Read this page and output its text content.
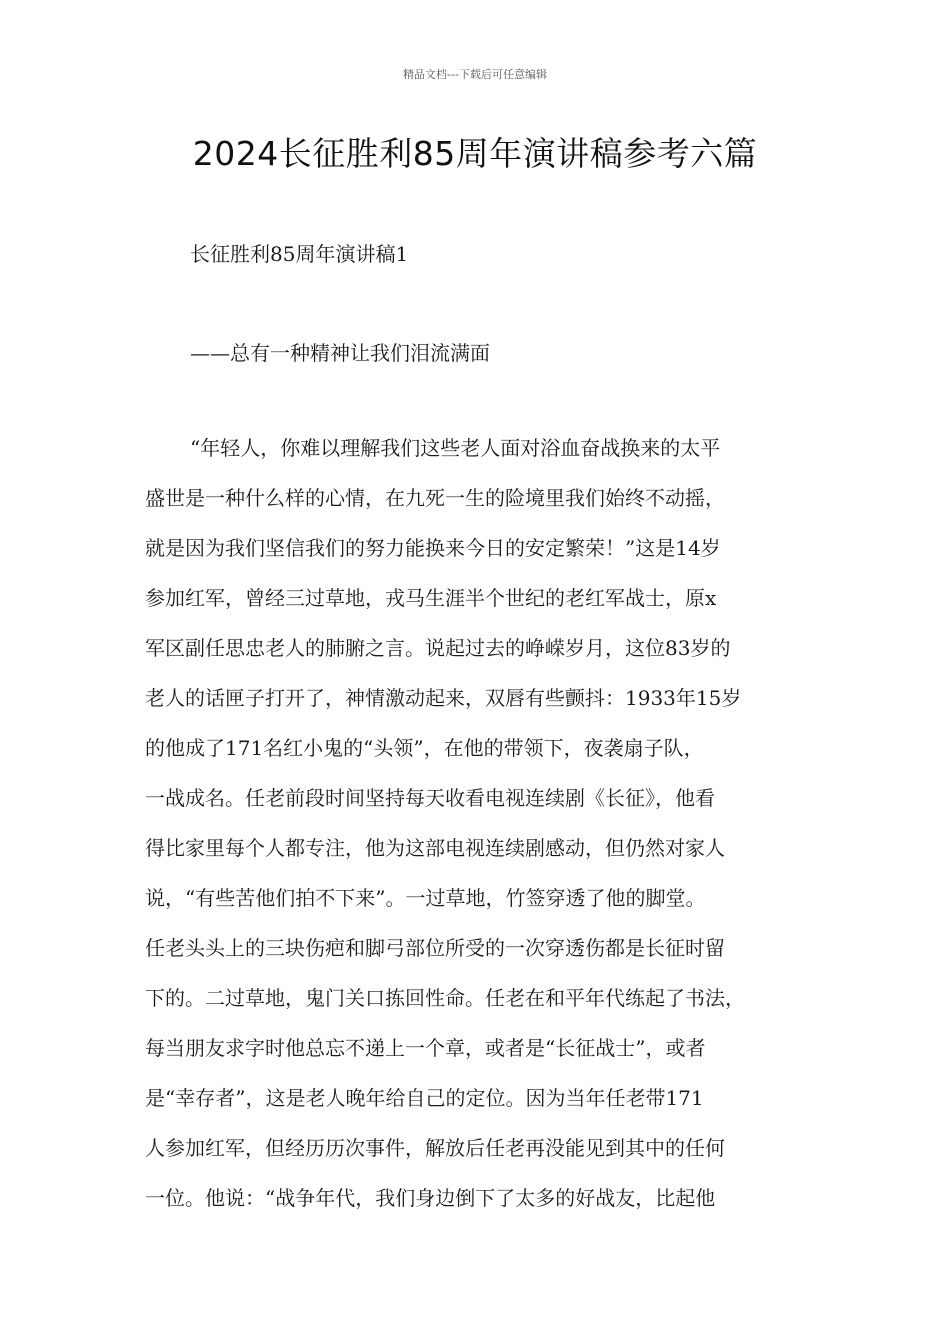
精品文档---下载后可任意编辑
2024长征胜利85周年演讲稿参考六篇

长征胜利85周年演讲稿1

——总有一种精神让我们泪流满面

“年轻人，你难以理解我们这些老人面对浴血奋战换来的太平
盛世是一种什么样的心情，在九死一生的险境里我们始终不动摇，
就是因为我们坚信我们的努力能换来今日的安定繁荣！”这是14岁
参加红军，曾经三过草地，戎马生涯半个世纪的老红军战士，原x
军区副任思忠老人的肺腑之言。说起过去的峥嵘岁月，这位83岁的
老人的话匣子打开了，神情激动起来，双唇有些颤抖：1933年15岁
的他成了171名红小鬼的“头领”，在他的带领下，夜袭扇子队，
一战成名。任老前段时间坚持每天收看电视连续剧《长征》，他看
得比家里每个人都专注，他为这部电视连续剧感动，但仍然对家人
说，“有些苦他们拍不下来”。一过草地，竹签穿透了他的脚堂。
任老头头上的三块伤疤和脚弓部位所受的一次穿透伤都是长征时留
下的。二过草地，鬼门关口拣回性命。任老在和平年代练起了书法，
每当朋友求字时他总忘不递上一个章，或者是“长征战士”，或者
是“幸存者”，这是老人晚年给自己的定位。因为当年任老带171
人参加红军，但经历历次事件，解放后任老再没能见到其中的任何
一位。他说：“战争年代，我们身边倒下了太多的好战友，比起他
